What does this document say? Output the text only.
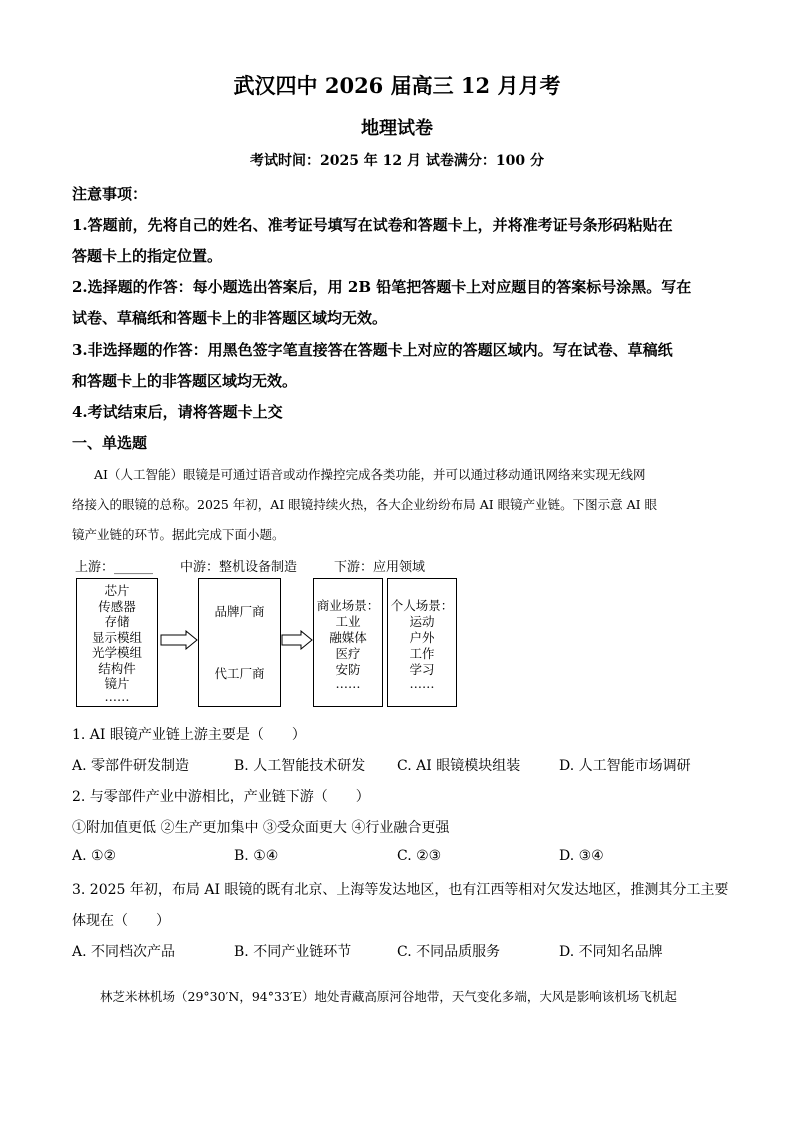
武汉四中 2026 届高三 12 月月考
地理试卷
考试时间：2025 年 12 月 试卷满分：100 分
注意事项：
1.答题前，先将自己的姓名、准考证号填写在试卷和答题卡上，并将准考证号条形码粘贴在
答题卡上的指定位置。
2.选择题的作答：每小题选出答案后，用 2B 铅笔把答题卡上对应题目的答案标号涂黑。写在
试卷、草稿纸和答题卡上的非答题区域均无效。
3.非选择题的作答：用黑色签字笔直接答在答题卡上对应的答题区域内。写在试卷、草稿纸
和答题卡上的非答题区域均无效。
4.考试结束后，请将答题卡上交
一、单选题
AI（人工智能）眼镜是可通过语音或动作操控完成各类功能，并可以通过移动通讯网络来实现无线网
络接入的眼镜的总称。2025 年初，AI 眼镜持续火热，各大企业纷纷布局 AI 眼镜产业链。下图示意 AI 眼
镜产业链的环节。据此完成下面小题。
上游：______ 中游：整机设备制造	下游：应用领域
芯片
传感器
存储
显示模组
光学模组
结构件
镜片
……
品牌厂商
代工厂商
商业场景：
工业
融媒体
医疗
安防
……
个人场景：
运动
户外
工作
学习
……
1. AI 眼镜产业链上游主要是（　　）
A. 零部件研发制造	B. 人工智能技术研发 C. AI 眼镜模块组装	D. 人工智能市场调研
2. 与零部件产业中游相比，产业链下游（　　）
①附加值更低 ②生产更加集中 ③受众面更大 ④行业融合更强
A. ①②	B. ①④	C. ②③	D. ③④
3. 2025 年初，布局 AI 眼镜的既有北京、上海等发达地区，也有江西等相对欠发达地区，推测其分工主要
体现在（　　）
A. 不同档次产品	B. 不同产业链环节	C. 不同品质服务	D. 不同知名品牌
林芝米林机场（29°30′N，94°33′E）地处青藏高原河谷地带，天气变化多端，大风是影响该机场飞机起
